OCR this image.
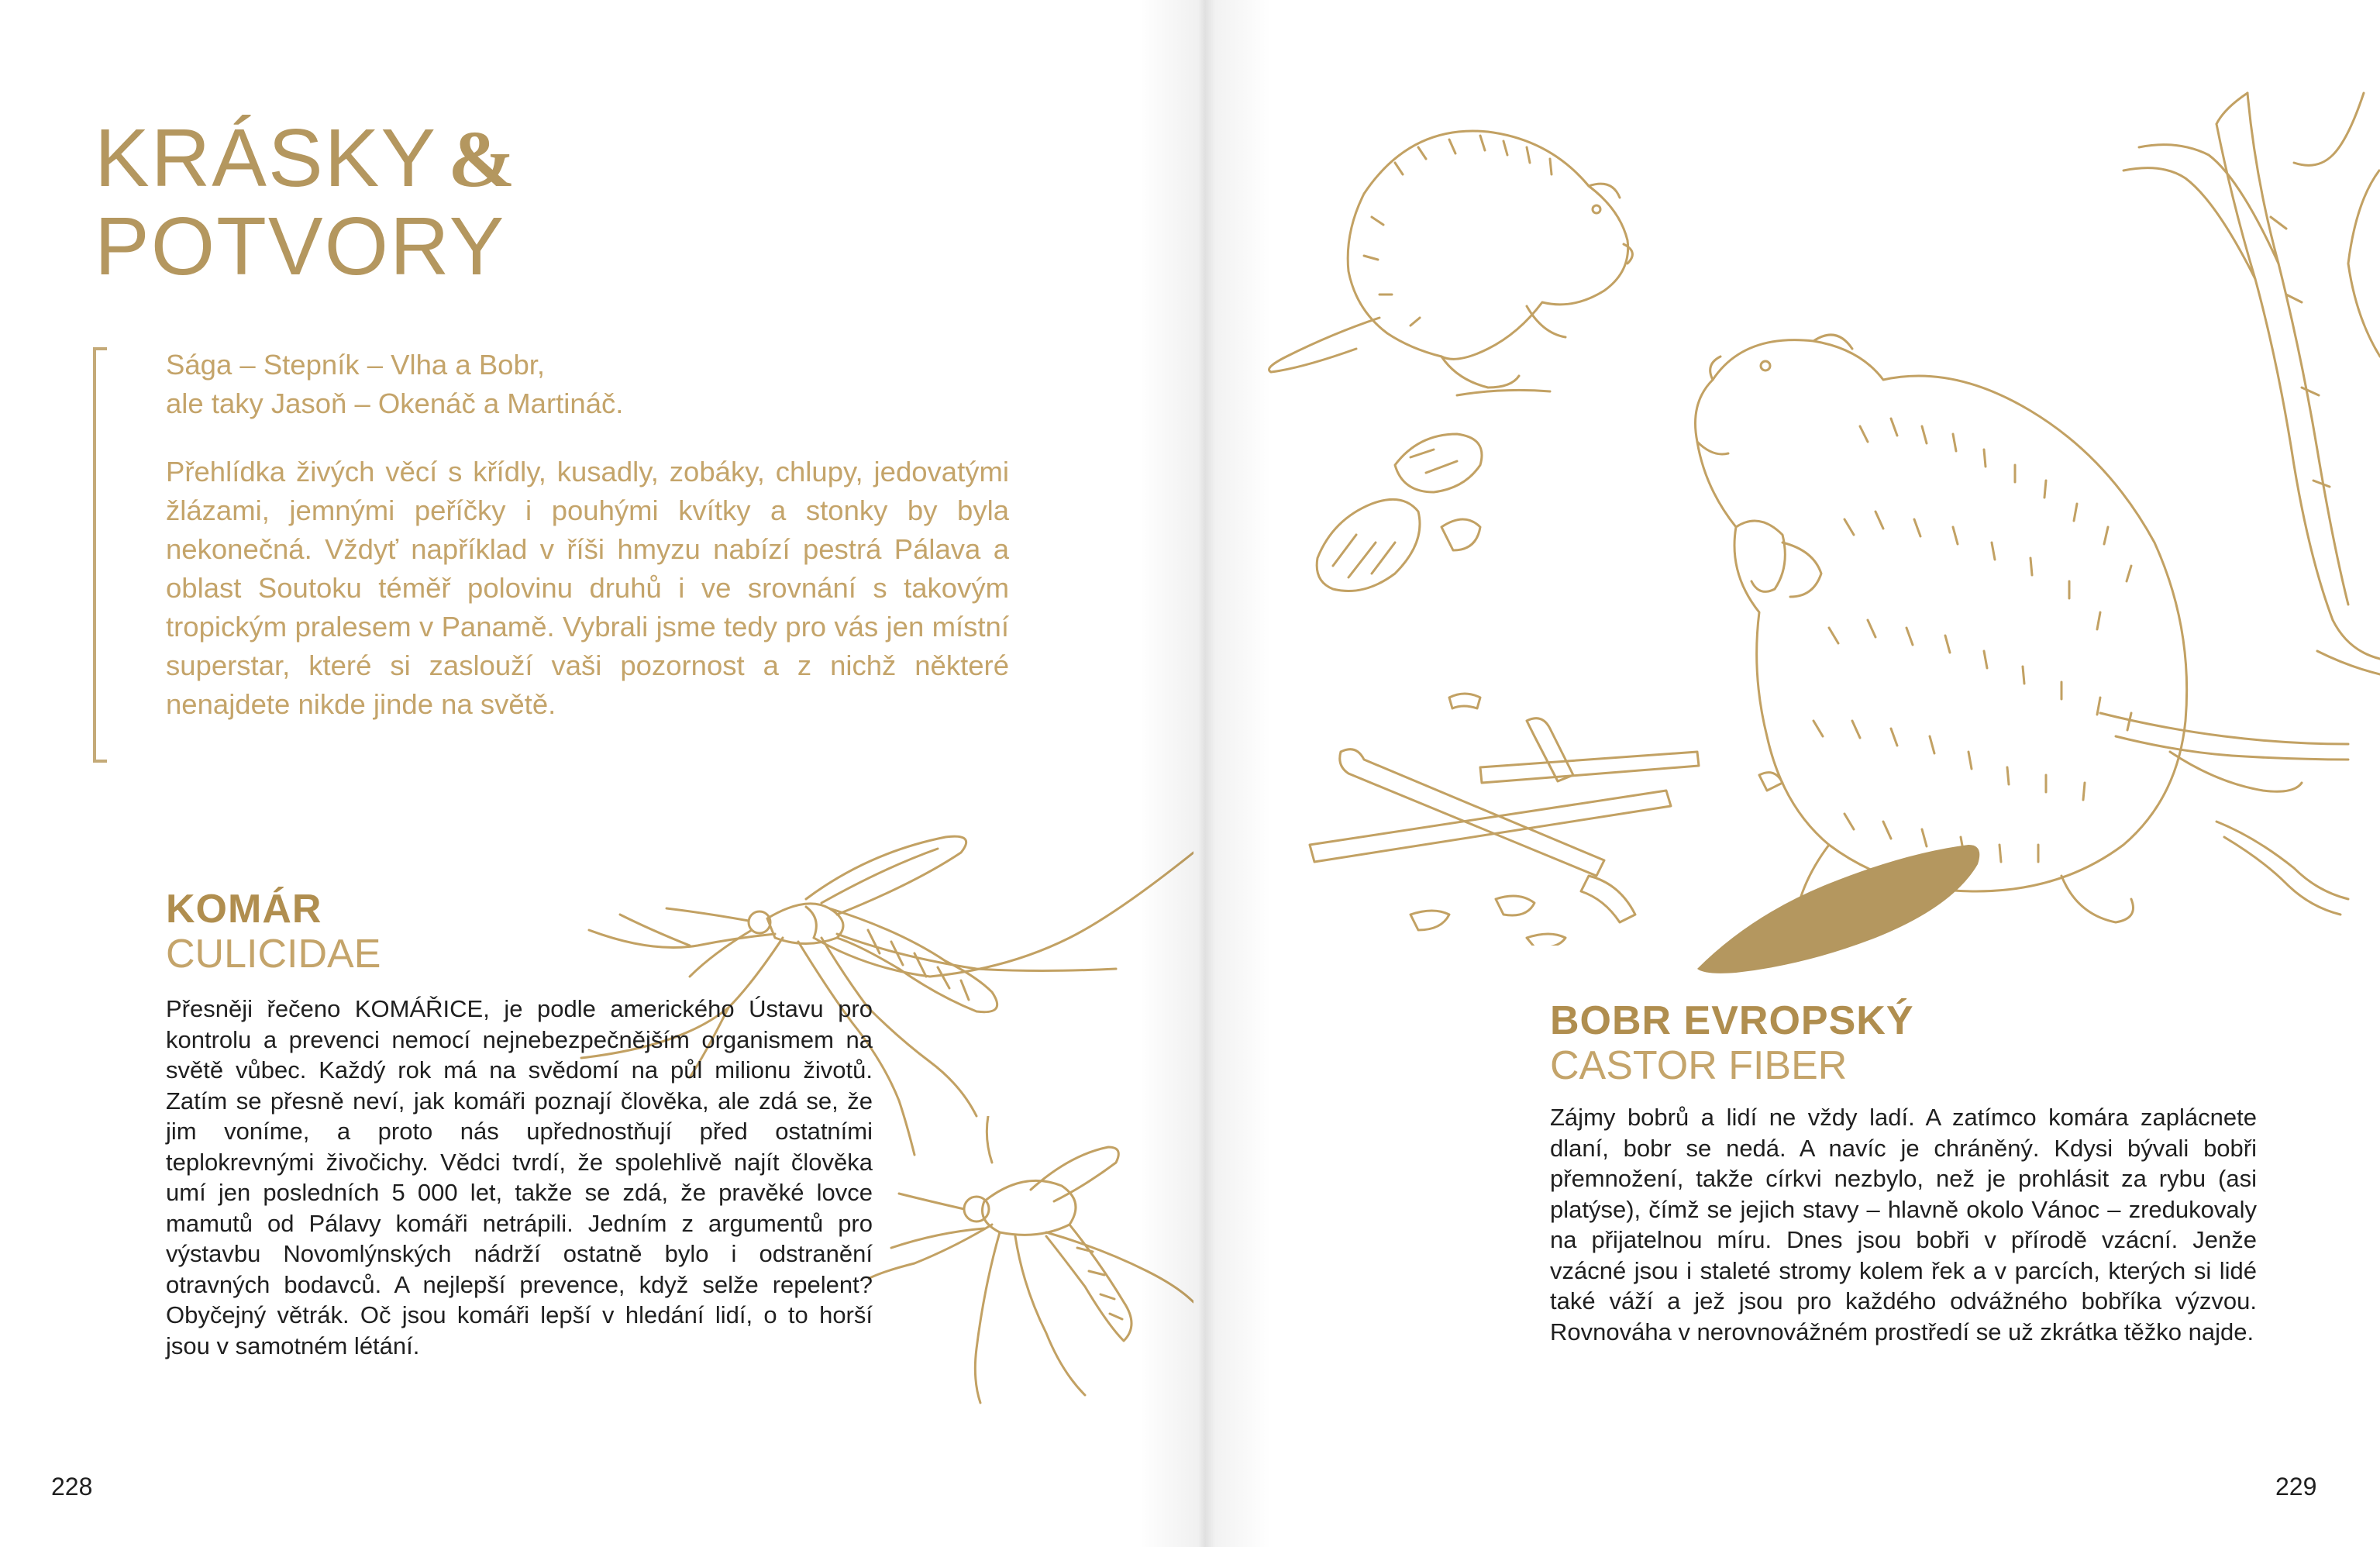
KRÁSKY &
POTVORY
Sága – Stepník – Vlha a Bobr,
ale taky Jasoň – Okenáč a Martináč.

Přehlídka živých věcí s křídly, kusadly, zobáky, chlupy, jedovatými žlázami, jemnými peříčky i pouhými kvítky a stonky by byla nekonečná. Vždyť například v říši hmyzu nabízí pestrá Pálava a oblast Soutoku téměř polovinu druhů i ve srovnání s takovým tropickým pralesem v Panamě. Vybrali jsme tedy pro vás jen místní superstar, které si zaslouží vaši pozornost a z nichž některé nenajdete nikde jinde na světě.

KOMÁR
CULICIDAE

Přesněji řečeno KOMÁŘICE, je podle amerického Ústavu pro kontrolu a prevenci nemocí nejnebezpečnějším organismem na světě vůbec. Každý rok má na svědomí na půl milionu životů. Zatím se přesně neví, jak komáři poznají člověka, ale zdá se, že jim voníme, a proto nás upřednostňují před ostatními teplokrevnými živočichy. Vědci tvrdí, že spolehlivě najít člověka umí jen posledních 5 000 let, takže se zdá, že pravěké lovce mamutů od Pálavy komáři netrápili. Jedním z argumentů pro výstavbu Novomlýnských nádrží ostatně bylo i odstranění otravných bodavců. A nejlepší prevence, když selže repelent? Obyčejný větrák. Oč jsou komáři lepší v hledání lidí, o to horší jsou v samotném létání.

228
BOBR EVROPSKÝ
CASTOR FIBER

Zájmy bobrů a lidí ne vždy ladí. A zatímco komára zaplácnete dlaní, bobr se nedá. A navíc je chráněný. Kdysi bývali bobři přemnožení, takže církvi nezbylo, než je prohlásit za rybu (asi platýse), čímž se jejich stavy – hlavně okolo Vánoc – zredukovaly na přijatelnou míru. Dnes jsou bobři v přírodě vzácní. Jenže vzácné jsou i staleté stromy kolem řek a v parcích, kterých si lidé také váží a jež jsou pro každého odvážného bobříka výzvou. Rovnováha v nerovnovážném prostředí se už zkrátka těžko najde.

229
